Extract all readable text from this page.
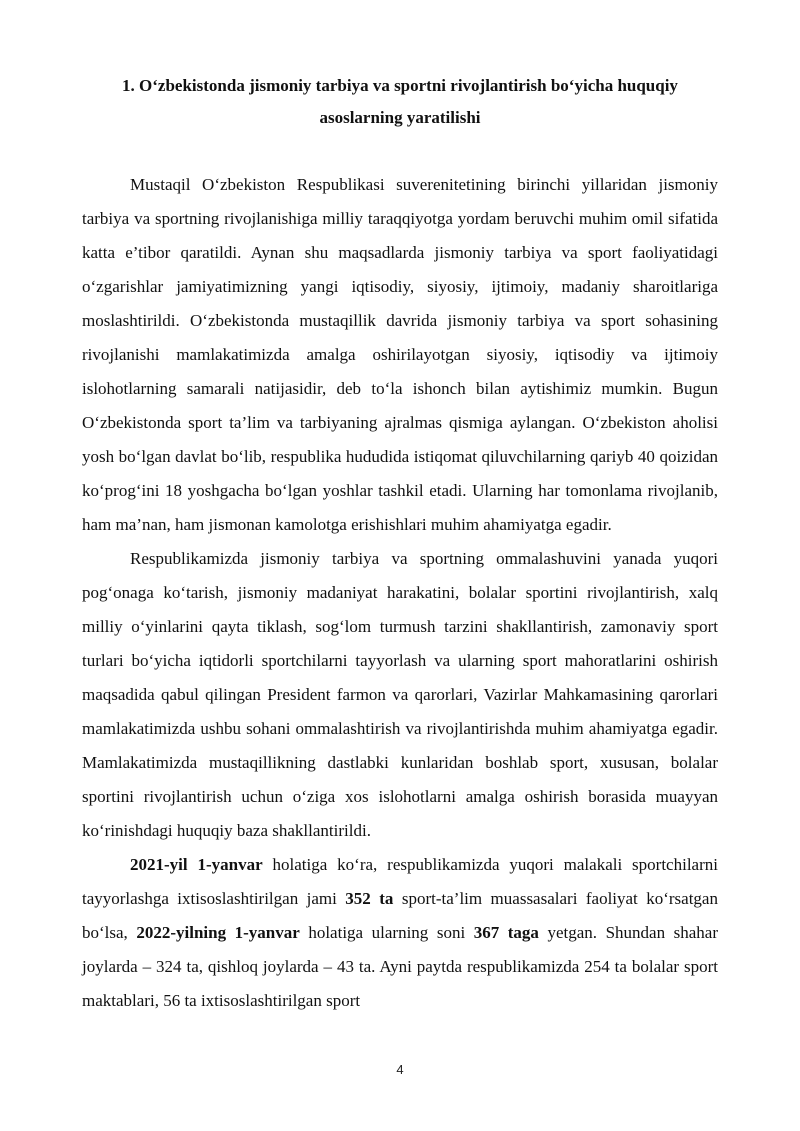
1. O‘zbekistonda jismoniy tarbiya va sportni rivojlantirish bo‘yicha huquqiy asoslarning yaratilishi

Mustaqil O‘zbekiston Respublikasi suverenitetining birinchi yillaridan jismoniy tarbiya va sportning rivojlanishiga milliy taraqqiyotga yordam beruvchi muhim omil sifatida katta e’tibor qaratildi. Aynan shu maqsadlarda jismoniy tarbiya va sport faoliyatidagi o‘zgarishlar jamiyatimizning yangi iqtisodiy, siyosiy, ijtimoiy, madaniy sharoitlariga moslashtirildi. O‘zbekistonda mustaqillik davrida jismoniy tarbiya va sport sohasining rivojlanishi mamlakatimizda amalga oshirilayotgan siyosiy, iqtisodiy va ijtimoiy islohotlarning samarali natijasidir, deb to‘la ishonch bilan aytishimiz mumkin. Bugun O‘zbekistonda sport ta’lim va tarbiyaning ajralmas qismiga aylangan. O‘zbekiston aholisi yosh bo‘lgan davlat bo‘lib, respublika hududida istiqomat qiluvchilarning qariyb 40 qoizidan ko‘prog‘ini 18 yoshgacha bo‘lgan yoshlar tashkil etadi. Ularning har tomonlama rivojlanib, ham ma’nan, ham jismonan kamolotga erishishlari muhim ahamiyatga egadir.

Respublikamizda jismoniy tarbiya va sportning ommalashuvini yanada yuqori pog‘onaga ko‘tarish, jismoniy madaniyat harakatini, bolalar sportini rivojlantirish, xalq milliy o‘yinlarini qayta tiklash, sog‘lom turmush tarzini shakllantirish, zamonaviy sport turlari bo‘yicha iqtidorli sportchilarni tayyorlash va ularning sport mahoratlarini oshirish maqsadida qabul qilingan President farmon va qarorlari, Vazirlar Mahkamasining qarorlari mamlakatimizda ushbu sohani ommalashtirish va rivojlantirishda muhim ahamiyatga egadir. Mamlakatimizda mustaqillikning dastlabki kunlaridan boshlab sport, xususan, bolalar sportini rivojlantirish uchun o‘ziga xos islohotlarni amalga oshirish borasida muayyan ko‘rinishdagi huquqiy baza shakllantirildi.

2021-yil 1-yanvar holatiga ko‘ra, respublikamizda yuqori malakali sportchilarni tayyorlashga ixtisoslashtirilgan jami 352 ta sport-ta’lim muassasalari faoliyat ko‘rsatgan bo‘lsa, 2022-yilning 1-yanvar holatiga ularning soni 367 taga yetgan. Shundan shahar joylarda – 324 ta, qishloq joylarda – 43 ta. Ayni paytda respublikamizda 254 ta bolalar sport maktablari, 56 ta ixtisoslashtirilgan sport

4
